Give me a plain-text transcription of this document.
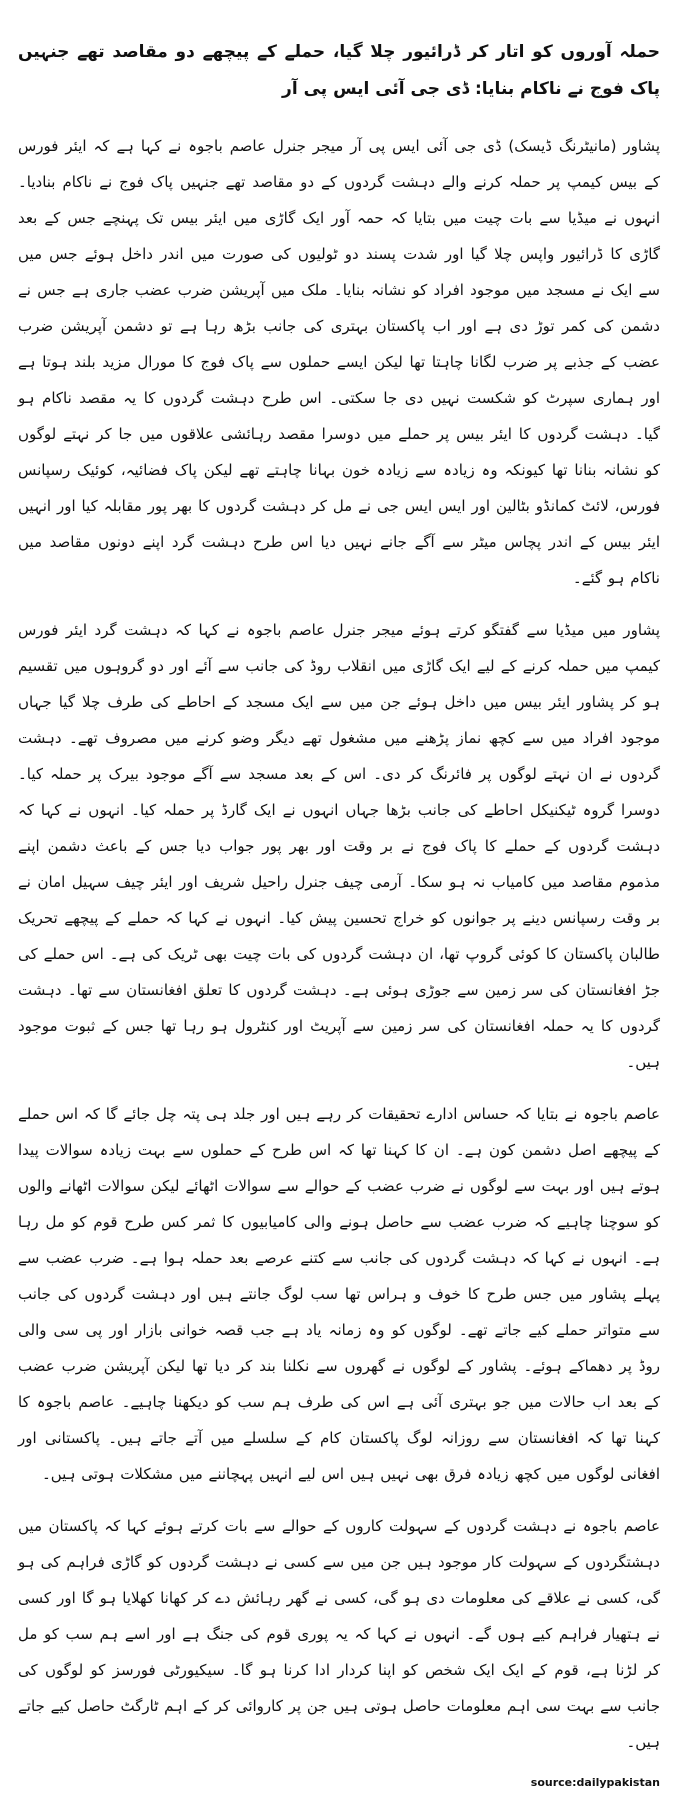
حملہ آوروں کو اتار کر ڈرائیور چلا گیا، حملے کے پیچھے دو مقاصد تھے جنہیں پاک فوج نے ناکام بنایا: ڈی جی آئی ایس پی آر

پشاور (مانیٹرنگ ڈیسک) ڈی جی آئی ایس پی آر میجر جنرل عاصم باجوہ نے کہا ہے کہ ایئر فورس کے بیس کیمپ پر حملہ کرنے والے دہشت گردوں کے دو مقاصد تھے جنہیں پاک فوج نے ناکام بنادیا۔ انہوں نے میڈیا سے بات چیت میں بتایا کہ حمہ آور ایک گاڑی میں ایئر بیس تک پہنچے جس کے بعد گاڑی کا ڈرائیور واپس چلا گیا اور شدت پسند دو ٹولیوں کی صورت میں اندر داخل ہوئے جس میں سے ایک نے مسجد میں موجود افراد کو نشانہ بنایا۔ ملک میں آپریشن ضرب عضب جاری ہے جس نے دشمن کی کمر توڑ دی ہے اور اب پاکستان بہتری کی جانب بڑھ رہا ہے تو دشمن آپریشن ضرب عضب کے جذبے پر ضرب لگانا چاہتا تھا لیکن ایسے حملوں سے پاک فوج کا مورال مزید بلند ہوتا ہے اور ہماری سپرٹ کو شکست نہیں دی جا سکتی۔ اس طرح دہشت گردوں کا یہ مقصد ناکام ہو گیا۔ دہشت گردوں کا ایئر بیس پر حملے میں دوسرا مقصد رہائشی علاقوں میں جا کر نہتے لوگوں کو نشانہ بنانا تھا کیونکہ وہ زیادہ سے زیادہ خون بہانا چاہتے تھے لیکن پاک فضائیہ، کوئیک رسپانس فورس، لائٹ کمانڈو بٹالین اور ایس ایس جی نے مل کر دہشت گردوں کا بھر پور مقابلہ کیا اور انہیں ایئر بیس کے اندر پچاس میٹر سے آگے جانے نہیں دیا اس طرح دہشت گرد اپنے دونوں مقاصد میں ناکام ہو گئے۔

پشاور میں میڈیا سے گفتگو کرتے ہوئے میجر جنرل عاصم باجوہ نے کہا کہ دہشت گرد ایئر فورس کیمپ میں حملہ کرنے کے لیے ایک گاڑی میں انقلاب روڈ کی جانب سے آئے اور دو گروہوں میں تقسیم ہو کر پشاور ایئر بیس میں داخل ہوئے جن میں سے ایک مسجد کے احاطے کی طرف چلا گیا جہاں موجود افراد میں سے کچھ نماز پڑھنے میں مشغول تھے دیگر وضو کرنے میں مصروف تھے۔ دہشت گردوں نے ان نہتے لوگوں پر فائرنگ کر دی۔ اس کے بعد مسجد سے آگے موجود بیرک پر حملہ کیا۔ دوسرا گروہ ٹیکنیکل احاطے کی جانب بڑھا جہاں انہوں نے ایک گارڈ پر حملہ کیا۔ انہوں نے کہا کہ دہشت گردوں کے حملے کا پاک فوج نے بر وقت اور بھر پور جواب دیا جس کے باعث دشمن اپنے مذموم مقاصد میں کامیاب نہ ہو سکا۔ آرمی چیف جنرل راحیل شریف اور ایئر چیف سہیل امان نے بر وقت رسپانس دینے پر جوانوں کو خراج تحسین پیش کیا۔ انہوں نے کہا کہ حملے کے پیچھے تحریک طالبان پاکستان کا کوئی گروپ تھا، ان دہشت گردوں کی بات چیت بھی ٹریک کی ہے۔ اس حملے کی جڑ افغانستان کی سر زمین سے جوڑی ہوئی ہے۔ دہشت گردوں کا تعلق افغانستان سے تھا۔ دہشت گردوں کا یہ حملہ افغانستان کی سر زمین سے آپریٹ اور کنٹرول ہو رہا تھا جس کے ثبوت موجود ہیں۔

عاصم باجوہ نے بتایا کہ حساس ادارے تحقیقات کر رہے ہیں اور جلد ہی پتہ چل جائے گا کہ اس حملے کے پیچھے اصل دشمن کون ہے۔ ان کا کہنا تھا کہ اس طرح کے حملوں سے بہت زیادہ سوالات پیدا ہوتے ہیں اور بہت سے لوگوں نے ضرب عضب کے حوالے سے سوالات اٹھائے لیکن سوالات اٹھانے والوں کو سوچنا چاہیے کہ ضرب عضب سے حاصل ہونے والی کامیابیوں کا ثمر کس طرح قوم کو مل رہا ہے۔ انہوں نے کہا کہ دہشت گردوں کی جانب سے کتنے عرصے بعد حملہ ہوا ہے۔ ضرب عضب سے پہلے پشاور میں جس طرح کا خوف و ہراس تھا سب لوگ جانتے ہیں اور دہشت گردوں کی جانب سے متواتر حملے کیے جاتے تھے۔ لوگوں کو وہ زمانہ یاد ہے جب قصہ خوانی بازار اور پی سی والی روڈ پر دھماکے ہوئے۔ پشاور کے لوگوں نے گھروں سے نکلنا بند کر دیا تھا لیکن آپریشن ضرب عضب کے بعد اب حالات میں جو بہتری آئی ہے اس کی طرف ہم سب کو دیکھنا چاہیے۔ عاصم باجوہ کا کہنا تھا کہ افغانستان سے روزانہ لوگ پاکستان کام کے سلسلے میں آتے جاتے ہیں۔ پاکستانی اور افغانی لوگوں میں کچھ زیادہ فرق بھی نہیں ہیں اس لیے انہیں پہچاننے میں مشکلات ہوتی ہیں۔

عاصم باجوہ نے دہشت گردوں کے سہولت کاروں کے حوالے سے بات کرتے ہوئے کہا کہ پاکستان میں دہشتگردوں کے سہولت کار موجود ہیں جن میں سے کسی نے دہشت گردوں کو گاڑی فراہم کی ہو گی، کسی نے علاقے کی معلومات دی ہو گی، کسی نے گھر رہائش دے کر کھانا کھلایا ہو گا اور کسی نے ہتھیار فراہم کیے ہوں گے۔ انہوں نے کہا کہ یہ پوری قوم کی جنگ ہے اور اسے ہم سب کو مل کر لڑنا ہے، قوم کے ایک ایک شخص کو اپنا کردار ادا کرنا ہو گا۔ سیکیورٹی فورسز کو لوگوں کی جانب سے بہت سی اہم معلومات حاصل ہوتی ہیں جن پر کاروائی کر کے اہم ٹارگٹ حاصل کیے جاتے ہیں۔

source:dailypakistan
